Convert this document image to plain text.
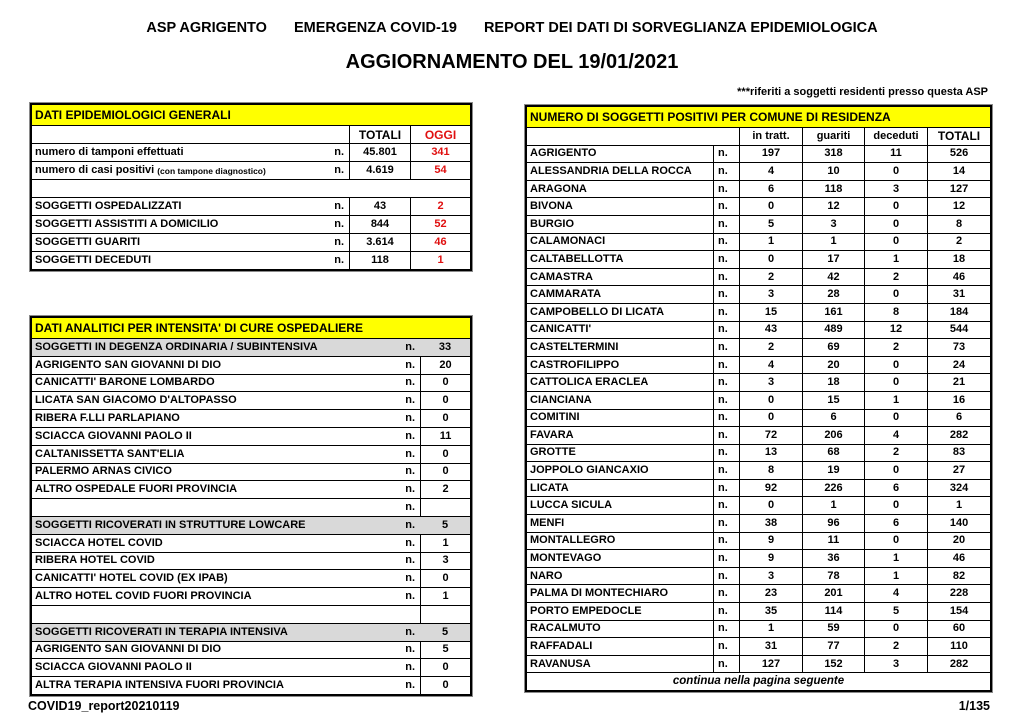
ASP AGRIGENTO EMERGENZA COVID-19 REPORT DEI DATI DI SORVEGLIANZA EPIDEMIOLOGICA
AGGIORNAMENTO DEL 19/01/2021
***riferiti a soggetti residenti presso questa ASP
DATI EPIDEMIOLOGICI GENERALI		
	TOTALI	OGGI

numero di tamponi effettuati n.	45.801	341

numero di casi positivi (con tampone diagnostico) n.	4.619	54

SOGGETTI OSPEDALIZZATI n.	43	2

SOGGETTI ASSISTITI A DOMICILIO n.	844	52

SOGGETTI GUARITI n.	3.614	46

SOGGETTI DECEDUTI n.	118	1
DATI ANALITICI PER INTENSITA' DI CURE OSPEDALIERE	

SOGGETTI IN DEGENZA ORDINARIA / SUBINTENSIVA n.	33

AGRIGENTO SAN GIOVANNI DI DIO n.	20

CANICATTI' BARONE LOMBARDO n.	0

LICATA SAN GIACOMO D'ALTOPASSO n.	0

RIBERA F.LLI PARLAPIANO n.	0

SCIACCA GIOVANNI PAOLO II n.	11

CALTANISSETTA SANT'ELIA n.	0

PALERMO ARNAS CIVICO n.	0

ALTRO OSPEDALE FUORI PROVINCIA n.	2

n.	

SOGGETTI RICOVERATI IN STRUTTURE LOWCARE n.	5

SCIACCA HOTEL COVID n.	1

RIBERA HOTEL COVID n.	3

CANICATTI' HOTEL COVID (EX IPAB) n.	0

ALTRO HOTEL COVID FUORI PROVINCIA n.	1

SOGGETTI RICOVERATI IN TERAPIA INTENSIVA n.	5

AGRIGENTO SAN GIOVANNI DI DIO n.	5

SCIACCA GIOVANNI PAOLO II n.	0

ALTRA TERAPIA INTENSIVA FUORI PROVINCIA n.	0
NUMERO DI SOGGETTI POSITIVI PER COMUNE DI RESIDENZA					
		in tratt.	guariti	deceduti	TOTALI
AGRIGENTO	n.	197	318	11	526
ALESSANDRIA DELLA ROCCA	n.	4	10	0	14
ARAGONA	n.	6	118	3	127
BIVONA	n.	0	12	0	12
BURGIO	n.	5	3	0	8
CALAMONACI	n.	1	1	0	2
CALTABELLOTTA	n.	0	17	1	18
CAMASTRA	n.	2	42	2	46
CAMMARATA	n.	3	28	0	31
CAMPOBELLO DI LICATA	n.	15	161	8	184
CANICATTI'	n.	43	489	12	544
CASTELTERMINI	n.	2	69	2	73
CASTROFILIPPO	n.	4	20	0	24
CATTOLICA ERACLEA	n.	3	18	0	21
CIANCIANA	n.	0	15	1	16
COMITINI	n.	0	6	0	6
FAVARA	n.	72	206	4	282
GROTTE	n.	13	68	2	83
JOPPOLO GIANCAXIO	n.	8	19	0	27
LICATA	n.	92	226	6	324
LUCCA SICULA	n.	0	1	0	1
MENFI	n.	38	96	6	140
MONTALLEGRO	n.	9	11	0	20
MONTEVAGO	n.	9	36	1	46
NARO	n.	3	78	1	82
PALMA DI MONTECHIARO	n.	23	201	4	228
PORTO EMPEDOCLE	n.	35	114	5	154
RACALMUTO	n.	1	59	0	60
RAFFADALI	n.	31	77	2	110
RAVANUSA	n.	127	152	3	282
continua nella pagina seguente					
COVID19_report20210119	1/135
